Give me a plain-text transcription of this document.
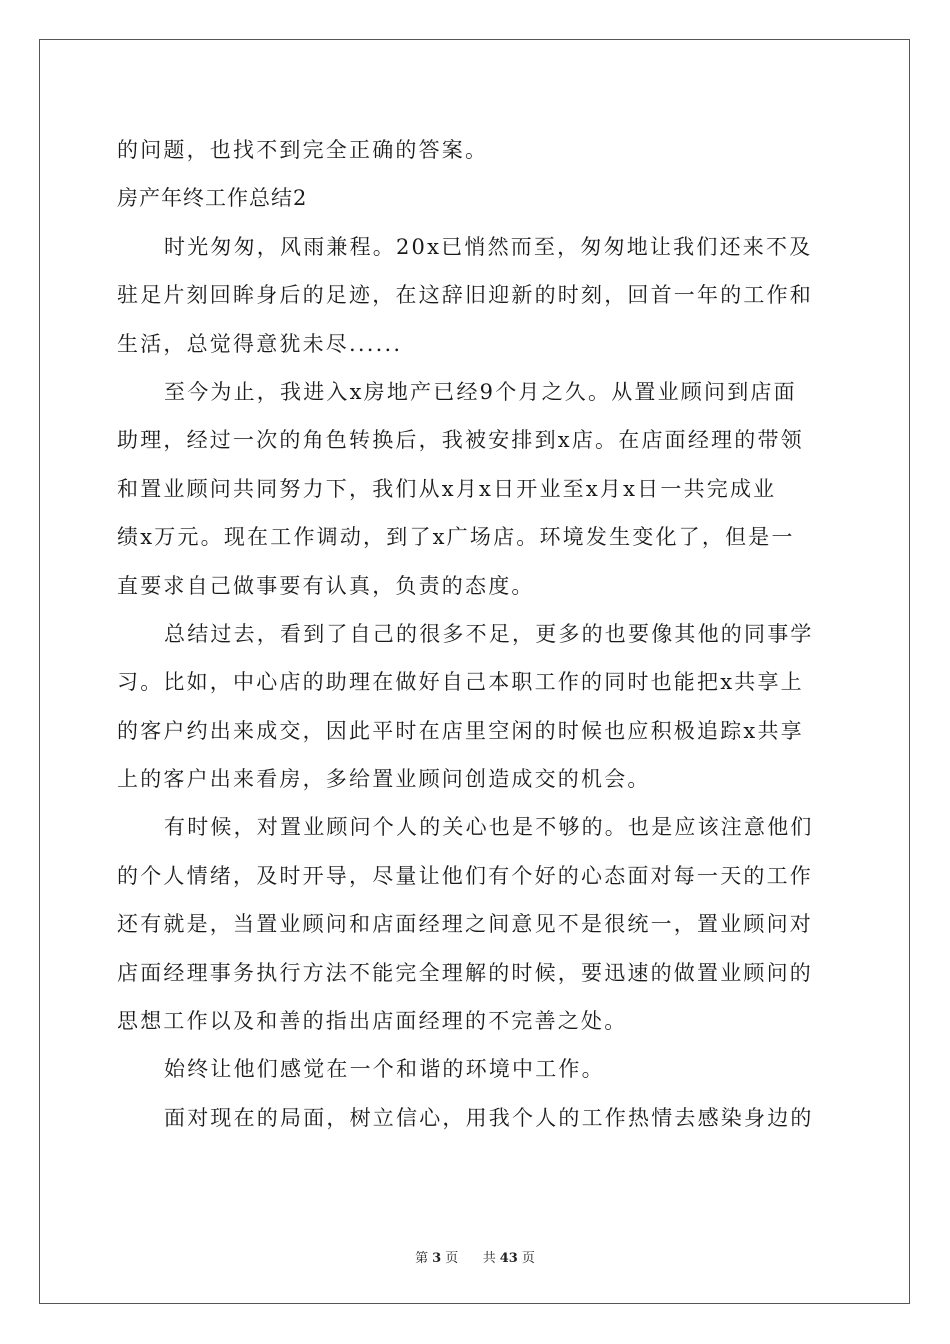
的问题，也找不到完全正确的答案。
房产年终工作总结2
时光匆匆，风雨兼程。20x已悄然而至，匆匆地让我们还来不及
驻足片刻回眸身后的足迹，在这辞旧迎新的时刻，回首一年的工作和
生活，总觉得意犹未尽......
至今为止，我进入x房地产已经9个月之久。从置业顾问到店面
助理，经过一次的角色转换后，我被安排到x店。在店面经理的带领
和置业顾问共同努力下，我们从x月x日开业至x月x日一共完成业
绩x万元。现在工作调动，到了x广场店。环境发生变化了，但是一
直要求自己做事要有认真，负责的态度。
总结过去，看到了自己的很多不足，更多的也要像其他的同事学
习。比如，中心店的助理在做好自己本职工作的同时也能把x共享上
的客户约出来成交，因此平时在店里空闲的时候也应积极追踪x共享
上的客户出来看房，多给置业顾问创造成交的机会。
有时候，对置业顾问个人的关心也是不够的。也是应该注意他们
的个人情绪，及时开导，尽量让他们有个好的心态面对每一天的工作
还有就是，当置业顾问和店面经理之间意见不是很统一，置业顾问对
店面经理事务执行方法不能完全理解的时候，要迅速的做置业顾问的
思想工作以及和善的指出店面经理的不完善之处。
始终让他们感觉在一个和谐的环境中工作。
面对现在的局面，树立信心，用我个人的工作热情去感染身边的
第 3 页 共 43 页
